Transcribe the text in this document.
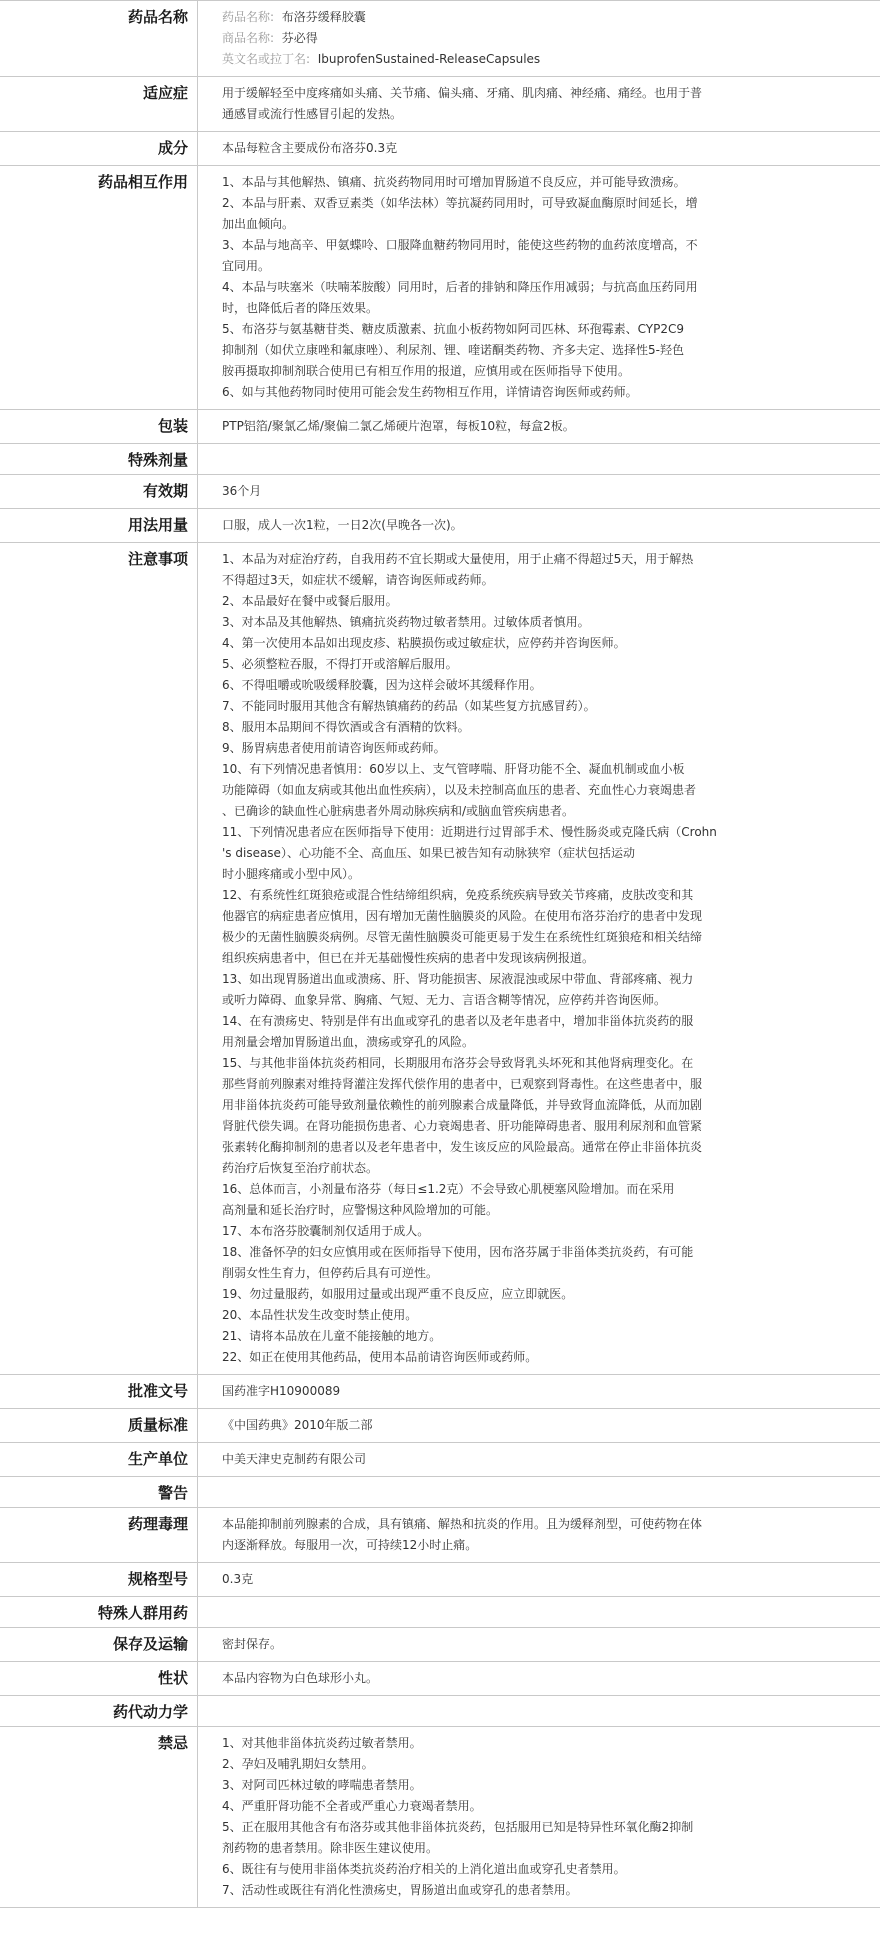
药品名称	药品名称: 布洛芬缓释胶囊
商品名称: 芬必得
英文名或拉丁名: IbuprofenSustained-ReleaseCapsules
适应症	用于缓解轻至中度疼痛如头痛、关节痛、偏头痛、牙痛、肌肉痛、神经痛、痛经。也用于普
通感冒或流行性感冒引起的发热。
成分	本品每粒含主要成份布洛芬0.3克
药品相互作用	1、本品与其他解热、镇痛、抗炎药物同用时可增加胃肠道不良反应，并可能导致溃疡。
2、本品与肝素、双香豆素类（如华法林）等抗凝药同用时，可导致凝血酶原时间延长，增
加出血倾向。
3、本品与地高辛、甲氨蝶呤、口服降血糖药物同用时，能使这些药物的血药浓度增高，不
宜同用。
4、本品与呋塞米（呋喃苯胺酸）同用时，后者的排钠和降压作用减弱；与抗高血压药同用
时，也降低后者的降压效果。
5、布洛芬与氨基糖苷类、糖皮质激素、抗血小板药物如阿司匹林、环孢霉素、CYP2C9
抑制剂（如伏立康唑和氟康唑）、利尿剂、锂、喹诺酮类药物、齐多夫定、选择性5-羟色
胺再摄取抑制剂联合使用已有相互作用的报道，应慎用或在医师指导下使用。
6、如与其他药物同时使用可能会发生药物相互作用，详情请咨询医师或药师。
包装	PTP铝箔/聚氯乙烯/聚偏二氯乙烯硬片泡罩，每板10粒，每盒2板。
特殊剂量
有效期	36个月
用法用量	口服，成人一次1粒，一日2次(早晚各一次)。
注意事项	1、本品为对症治疗药，自我用药不宜长期或大量使用，用于止痛不得超过5天，用于解热
不得超过3天，如症状不缓解，请咨询医师或药师。
2、本品最好在餐中或餐后服用。
3、对本品及其他解热、镇痛抗炎药物过敏者禁用。过敏体质者慎用。
4、第一次使用本品如出现皮疹、粘膜损伤或过敏症状，应停药并咨询医师。
5、必须整粒吞服，不得打开或溶解后服用。
6、不得咀嚼或吮吸缓释胶囊，因为这样会破坏其缓释作用。
7、不能同时服用其他含有解热镇痛药的药品（如某些复方抗感冒药）。
8、服用本品期间不得饮酒或含有酒精的饮料。
9、肠胃病患者使用前请咨询医师或药师。
10、有下列情况患者慎用：60岁以上、支气管哮喘、肝肾功能不全、凝血机制或血小板
功能障碍（如血友病或其他出血性疾病），以及未控制高血压的患者、充血性心力衰竭患者
、已确诊的缺血性心脏病患者外周动脉疾病和/或脑血管疾病患者。
11、下列情况患者应在医师指导下使用：近期进行过胃部手术、慢性肠炎或克隆氏病（Crohn
's disease）、心功能不全、高血压、如果已被告知有动脉狭窄（症状包括运动
时小腿疼痛或小型中风）。
12、有系统性红斑狼疮或混合性结缔组织病，免疫系统疾病导致关节疼痛，皮肤改变和其
他器官的病症患者应慎用，因有增加无菌性脑膜炎的风险。在使用布洛芬治疗的患者中发现
极少的无菌性脑膜炎病例。尽管无菌性脑膜炎可能更易于发生在系统性红斑狼疮和相关结缔
组织疾病患者中，但已在并无基础慢性疾病的患者中发现该病例报道。
13、如出现胃肠道出血或溃疡、肝、肾功能损害、尿液混浊或尿中带血、背部疼痛、视力
或听力障碍、血象异常、胸痛、气短、无力、言语含糊等情况，应停药并咨询医师。
14、在有溃疡史、特别是伴有出血或穿孔的患者以及老年患者中，增加非甾体抗炎药的服
用剂量会增加胃肠道出血，溃疡或穿孔的风险。
15、与其他非甾体抗炎药相同，长期服用布洛芬会导致肾乳头坏死和其他肾病理变化。在
那些肾前列腺素对维持肾灌注发挥代偿作用的患者中，已观察到肾毒性。在这些患者中，服
用非甾体抗炎药可能导致剂量依赖性的前列腺素合成量降低，并导致肾血流降低，从而加剧
肾脏代偿失调。在肾功能损伤患者、心力衰竭患者、肝功能障碍患者、服用利尿剂和血管紧
张素转化酶抑制剂的患者以及老年患者中，发生该反应的风险最高。通常在停止非甾体抗炎
药治疗后恢复至治疗前状态。
16、总体而言，小剂量布洛芬（每日≤1.2克）不会导致心肌梗塞风险增加。而在采用
高剂量和延长治疗时，应警惕这种风险增加的可能。
17、本布洛芬胶囊制剂仅适用于成人。
18、准备怀孕的妇女应慎用或在医师指导下使用，因布洛芬属于非甾体类抗炎药，有可能
削弱女性生育力，但停药后具有可逆性。
19、勿过量服药，如服用过量或出现严重不良反应，应立即就医。
20、本品性状发生改变时禁止使用。
21、请将本品放在儿童不能接触的地方。
22、如正在使用其他药品，使用本品前请咨询医师或药师。
批准文号	国药准字H10900089
质量标准	《中国药典》2010年版二部
生产单位	中美天津史克制药有限公司
警告
药理毒理	本品能抑制前列腺素的合成，具有镇痛、解热和抗炎的作用。且为缓释剂型，可使药物在体
内逐渐释放。每服用一次，可持续12小时止痛。
规格型号	0.3克
特殊人群用药
保存及运输	密封保存。
性状	本品内容物为白色球形小丸。
药代动力学
禁忌	1、对其他非甾体抗炎药过敏者禁用。
2、孕妇及哺乳期妇女禁用。
3、对阿司匹林过敏的哮喘患者禁用。
4、严重肝肾功能不全者或严重心力衰竭者禁用。
5、正在服用其他含有布洛芬或其他非甾体抗炎药，包括服用已知是特异性环氧化酶2抑制
剂药物的患者禁用。除非医生建议使用。
6、既往有与使用非甾体类抗炎药治疗相关的上消化道出血或穿孔史者禁用。
7、活动性或既往有消化性溃疡史，胃肠道出血或穿孔的患者禁用。
